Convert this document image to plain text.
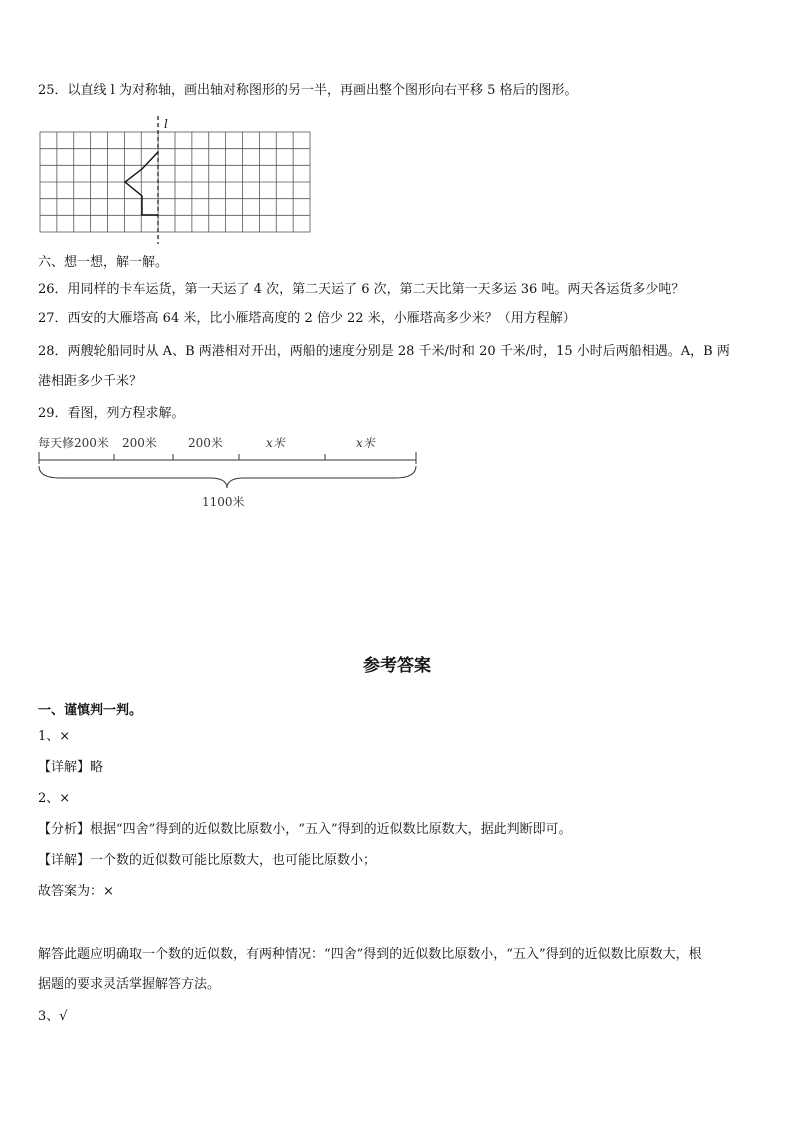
25．以直线 l 为对称轴，画出轴对称图形的另一半，再画出整个图形向右平移 5 格后的图形。
l
六、想一想，解一解。
26．用同样的卡车运货，第一天运了 4 次，第二天运了 6 次，第二天比第一天多运 36 吨。两天各运货多少吨？
27．西安的大雁塔高 64 米，比小雁塔高度的 2 倍少 22 米，小雁塔高多少米？（用方程解）
28．两艘轮船同时从 A、B 两港相对开出，两船的速度分别是 28 千米/时和 20 千米/时，15 小时后两船相遇。A，B 两
港相距多少千米？
29．看图，列方程求解。
每天修200米 200米	200米	x米	x米
1100米
参考答案
一、谨慎判一判。
1、×
【详解】略
2、×
【分析】根据“四舍”得到的近似数比原数小，“五入”得到的近似数比原数大，据此判断即可。
【详解】一个数的近似数可能比原数大，也可能比原数小；
故答案为：×
解答此题应明确取一个数的近似数，有两种情况：“四舍”得到的近似数比原数小，“五入”得到的近似数比原数大，根
据题的要求灵活掌握解答方法。
3、√
